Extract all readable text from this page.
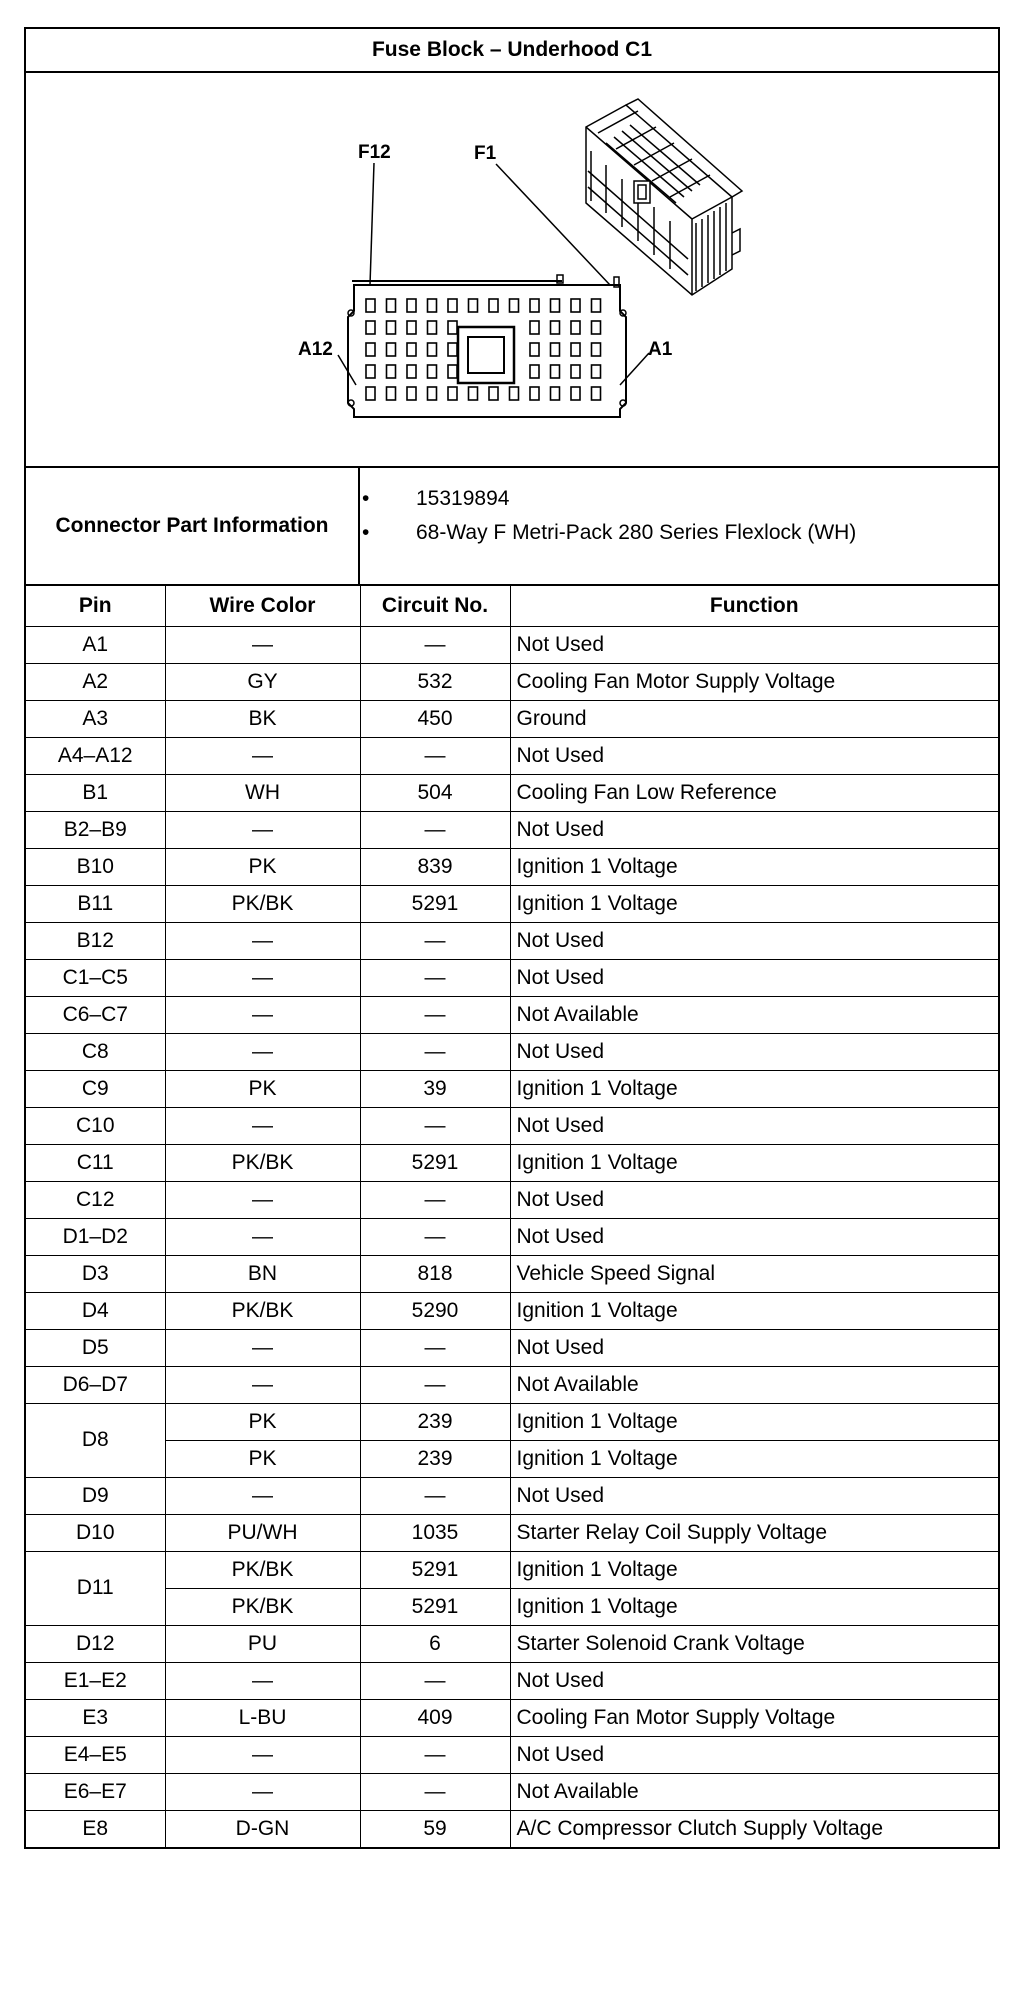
Fuse Block – Underhood C1
F12	F1
A12	A1
Connector Part Information
• 15319894
• 68-Way F Metri-Pack 280 Series Flexlock (WH)
Pin	Wire Color	Circuit No.	Function
A1	—	—	Not Used
A2	GY	532	Cooling Fan Motor Supply Voltage
A3	BK	450	Ground
A4–A12	—	—	Not Used
B1	WH	504	Cooling Fan Low Reference
B2–B9	—	—	Not Used
B10	PK	839	Ignition 1 Voltage
B11	PK/BK	5291	Ignition 1 Voltage
B12	—	—	Not Used
C1–C5	—	—	Not Used
C6–C7	—	—	Not Available
C8	—	—	Not Used
C9	PK	39	Ignition 1 Voltage
C10	—	—	Not Used
C11	PK/BK	5291	Ignition 1 Voltage
C12	—	—	Not Used
D1–D2	—	—	Not Used
D3	BN	818	Vehicle Speed Signal
D4	PK/BK	5290	Ignition 1 Voltage
D5	—	—	Not Used
D6–D7	—	—	Not Available
D8	PK	239	Ignition 1 Voltage
	PK	239	Ignition 1 Voltage
D9	—	—	Not Used
D10	PU/WH	1035	Starter Relay Coil Supply Voltage
D11	PK/BK	5291	Ignition 1 Voltage
	PK/BK	5291	Ignition 1 Voltage
D12	PU	6	Starter Solenoid Crank Voltage
E1–E2	—	—	Not Used
E3	L-BU	409	Cooling Fan Motor Supply Voltage
E4–E5	—	—	Not Used
E6–E7	—	—	Not Available
E8	D-GN	59	A/C Compressor Clutch Supply Voltage
